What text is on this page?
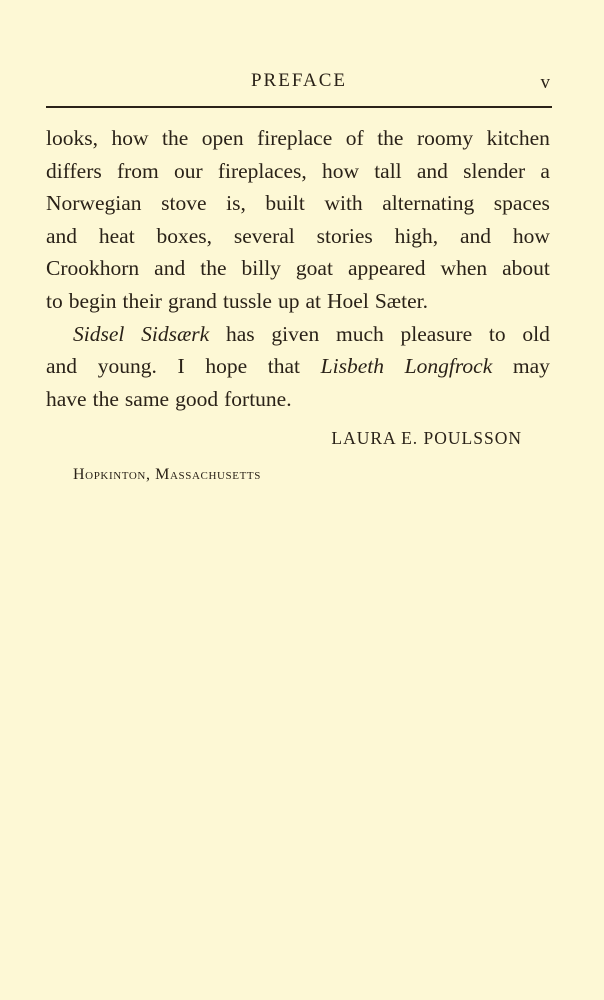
PREFACE	v
looks, how the open fireplace of the roomy kitchen
differs from our fireplaces, how tall and slender a
Norwegian stove is, built with alternating spaces
and heat boxes, several stories high, and how
Crookhorn and the billy goat appeared when about
to begin their grand tussle up at Hoel Sæter.
Sidsel Sidsærk has given much pleasure to old
and young. I hope that Lisbeth Longfrock may
have the same good fortune.
LAURA E. POULSSON
Hopkinton, Massachusetts
